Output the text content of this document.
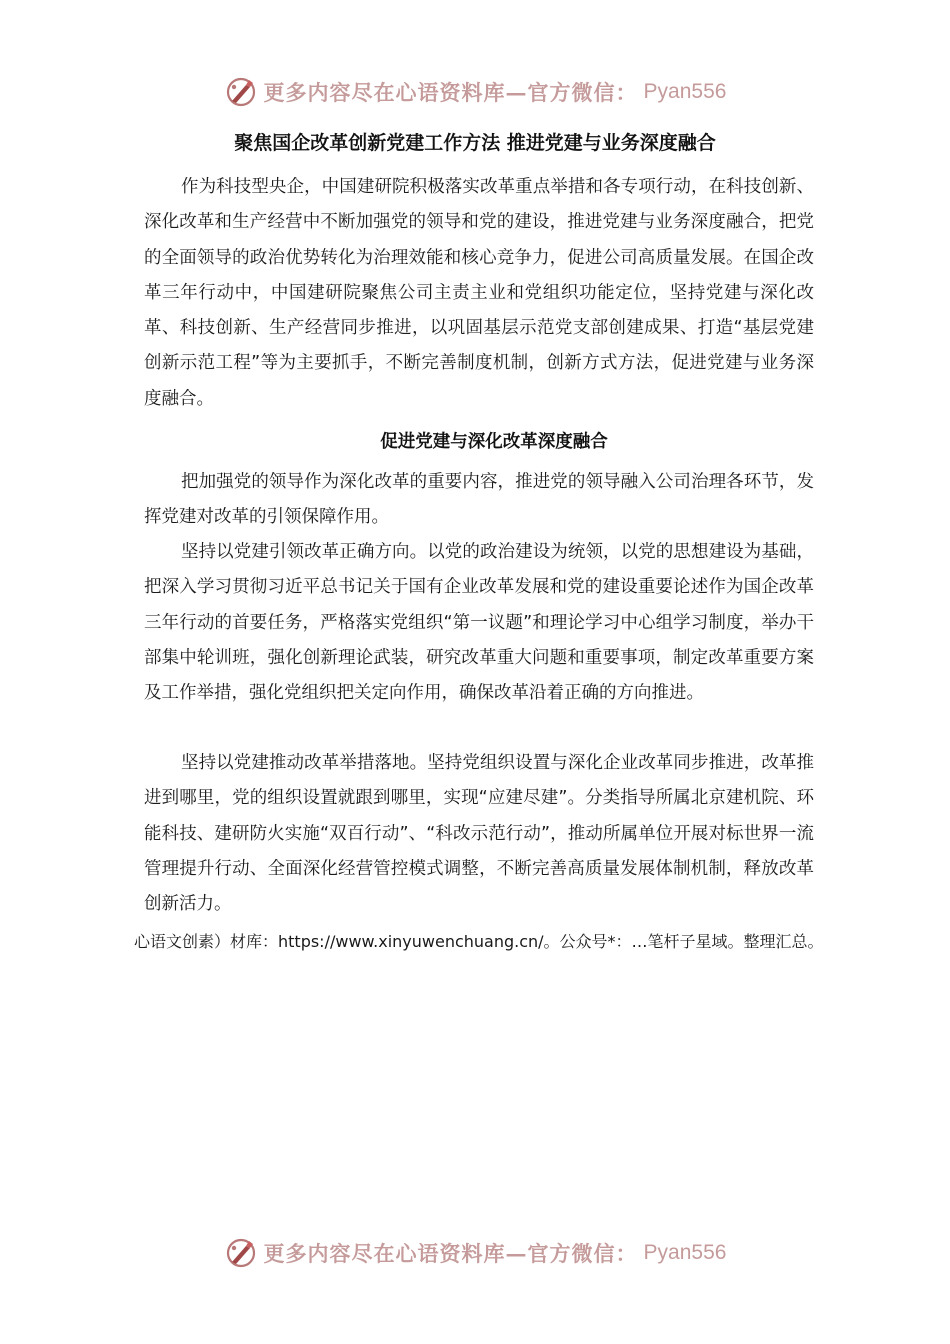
更多内容尽在心语资料库—官方微信： Pyan556
聚焦国企改革创新党建工作方法 推进党建与业务深度融合

作为科技型央企，中国建研院积极落实改革重点举措和各专项行动，在科技创新、深化改革和生产经营中不断加强党的领导和党的建设，推进党建与业务深度融合，把党的全面领导的政治优势转化为治理效能和核心竞争力，促进公司高质量发展。在国企改革三年行动中，中国建研院聚焦公司主责主业和党组织功能定位，坚持党建与深化改革、科技创新、生产经营同步推进，以巩固基层示范党支部创建成果、打造“基层党建创新示范工程”等为主要抓手，不断完善制度机制，创新方式方法，促进党建与业务深度融合。

促进党建与深化改革深度融合

把加强党的领导作为深化改革的重要内容，推进党的领导融入公司治理各环节，发挥党建对改革的引领保障作用。

坚持以党建引领改革正确方向。以党的政治建设为统领，以党的思想建设为基础，把深入学习贯彻习近平总书记关于国有企业改革发展和党的建设重要论述作为国企改革三年行动的首要任务，严格落实党组织“第一议题”和理论学习中心组学习制度，举办干部集中轮训班，强化创新理论武装，研究改革重大问题和重要事项，制定改革重要方案及工作举措，强化党组织把关定向作用，确保改革沿着正确的方向推进。

坚持以党建推动改革举措落地。坚持党组织设置与深化企业改革同步推进，改革推进到哪里，党的组织设置就跟到哪里，实现“应建尽建”。分类指导所属北京建机院、环能科技、建研防火实施“双百行动”、“科改示范行动”，推动所属单位开展对标世界一流管理提升行动、全面深化经营管控模式调整，不断完善高质量发展体制机制，释放改革创新活力。

心语文创素）材库：https://www.xinyuwenchuang.cn/。公众号*：…笔杆子星域。整理汇总。

更多内容尽在心语资料库—官方微信： Pyan556
